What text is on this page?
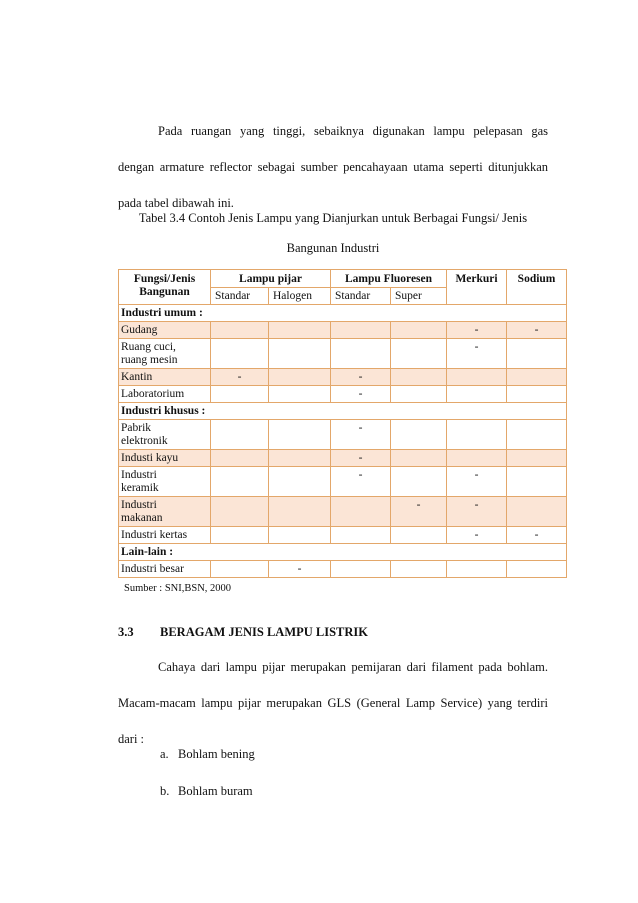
Pada ruangan yang tinggi, sebaiknya digunakan lampu pelepasan gas
dengan armature reflector sebagai sumber pencahayaan utama seperti ditunjukkan
pada tabel dibawah ini.
Tabel 3.4 Contoh Jenis Lampu yang Dianjurkan untuk Berbagai Fungsi/ Jenis
Bangunan Industri
Fungsi/Jenis
Bangunan	Lampu pijar		Lampu Fluoresen		Merkuri	Sodium
	Standar	Halogen	Standar	Super		
Industri umum :						

Gudang					-	-

Ruang cuci,
ruang mesin					-	

Kantin	-		-			

Laboratorium			-			
Industri khusus :						

Pabrik
elektronik			-			

Industi kayu			-			

Industri
keramik			-		-	

Industri
makanan				-	-	

Industri kertas					-	-
Lain-lain :						

Industri besar		-				
Sumber : SNI,BSN, 2000
3.3 BERAGAM JENIS LAMPU LISTRIK
Cahaya dari lampu pijar merupakan pemijaran dari filament pada bohlam.
Macam-macam lampu pijar merupakan GLS (General Lamp Service) yang terdiri
dari :
a. Bohlam bening
b. Bohlam buram
